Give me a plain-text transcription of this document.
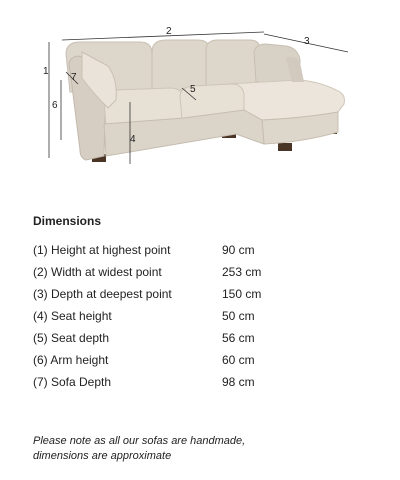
1
2
3
4
5
6
7
Dimensions
(1) Height at highest point	90 cm
(2) Width at widest point	253 cm
(3) Depth at deepest point	150 cm
(4) Seat height	50 cm
(5) Seat depth	56 cm
(6) Arm height	60 cm
(7) Sofa Depth	98 cm
Please note as all our sofas are handmade,
dimensions are approximate
